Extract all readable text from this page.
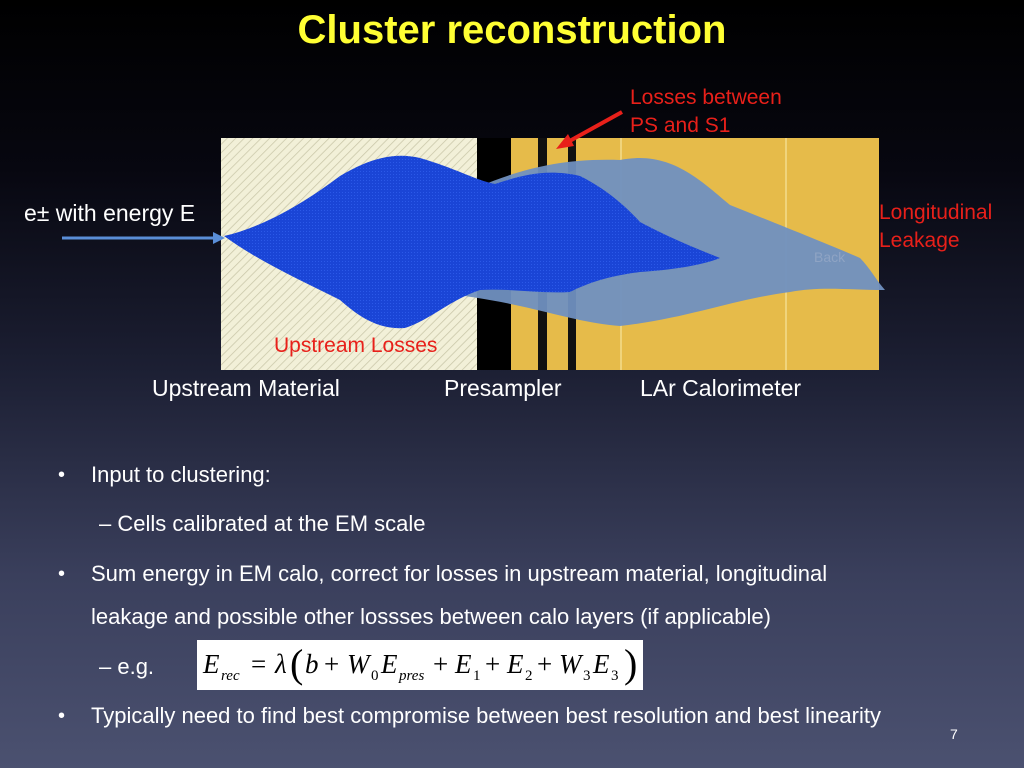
Cluster reconstruction
Back
e± with energy E
Losses between
PS and S1
Longitudinal
Leakage
Upstream Losses
Upstream Material	Presampler	LAr Calorimeter
• Input to clustering:
– Cells calibrated at the EM scale
• Sum energy in EM calo, correct for losses in upstream material, longitudinal
leakage and possible other lossses between calo layers (if applicable)
– e.g. E rec = λ ( b + W 0 E pres + E 1 + E 2 + W 3 E 3 )
• Typically need to find best compromise between best resolution and best linearity
7
